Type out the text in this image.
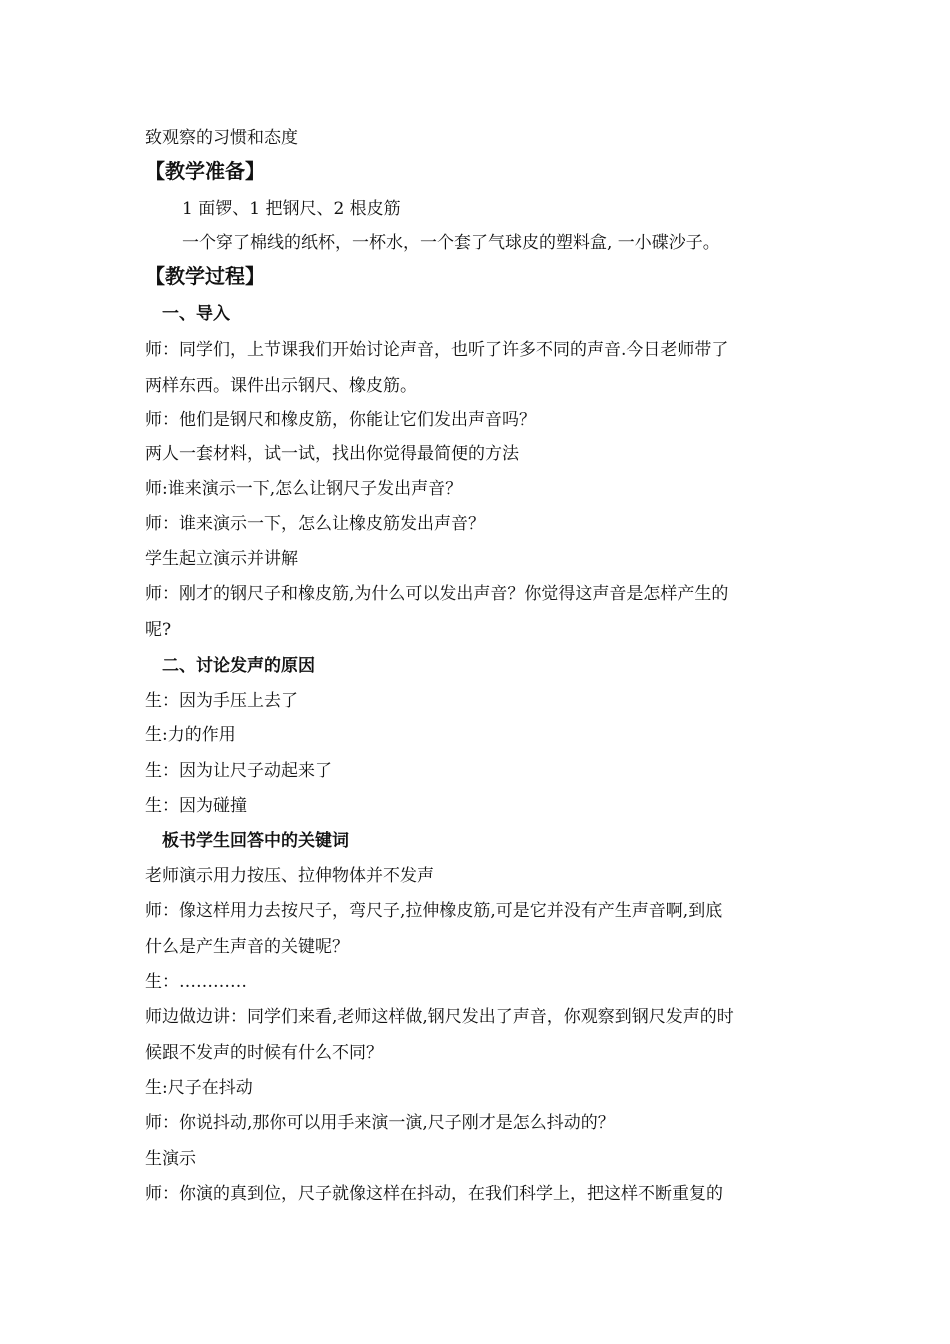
致观察的习惯和态度
【教学准备】
1 面锣、1 把钢尺、2 根皮筋
一个穿了棉线的纸杯，一杯水，一个套了气球皮的塑料盒, 一小碟沙子。
【教学过程】
一、导入
师：同学们，上节课我们开始讨论声音，也听了许多不同的声音.今日老师带了
两样东西。课件出示钢尺、橡皮筋。
师：他们是钢尺和橡皮筋，你能让它们发出声音吗？
两人一套材料，试一试，找出你觉得最简便的方法
师:谁来演示一下,怎么让钢尺子发出声音？
师：谁来演示一下，怎么让橡皮筋发出声音？
学生起立演示并讲解
师：刚才的钢尺子和橡皮筋,为什么可以发出声音？你觉得这声音是怎样产生的
呢?
二、讨论发声的原因
生：因为手压上去了
生:力的作用
生：因为让尺子动起来了
生：因为碰撞
板书学生回答中的关键词
老师演示用力按压、拉伸物体并不发声
师：像这样用力去按尺子，弯尺子,拉伸橡皮筋,可是它并没有产生声音啊,到底
什么是产生声音的关键呢？
生：…………
师边做边讲：同学们来看,老师这样做,钢尺发出了声音，你观察到钢尺发声的时
候跟不发声的时候有什么不同？
生:尺子在抖动
师：你说抖动,那你可以用手来演一演,尺子刚才是怎么抖动的？
生演示
师：你演的真到位，尺子就像这样在抖动，在我们科学上，把这样不断重复的
